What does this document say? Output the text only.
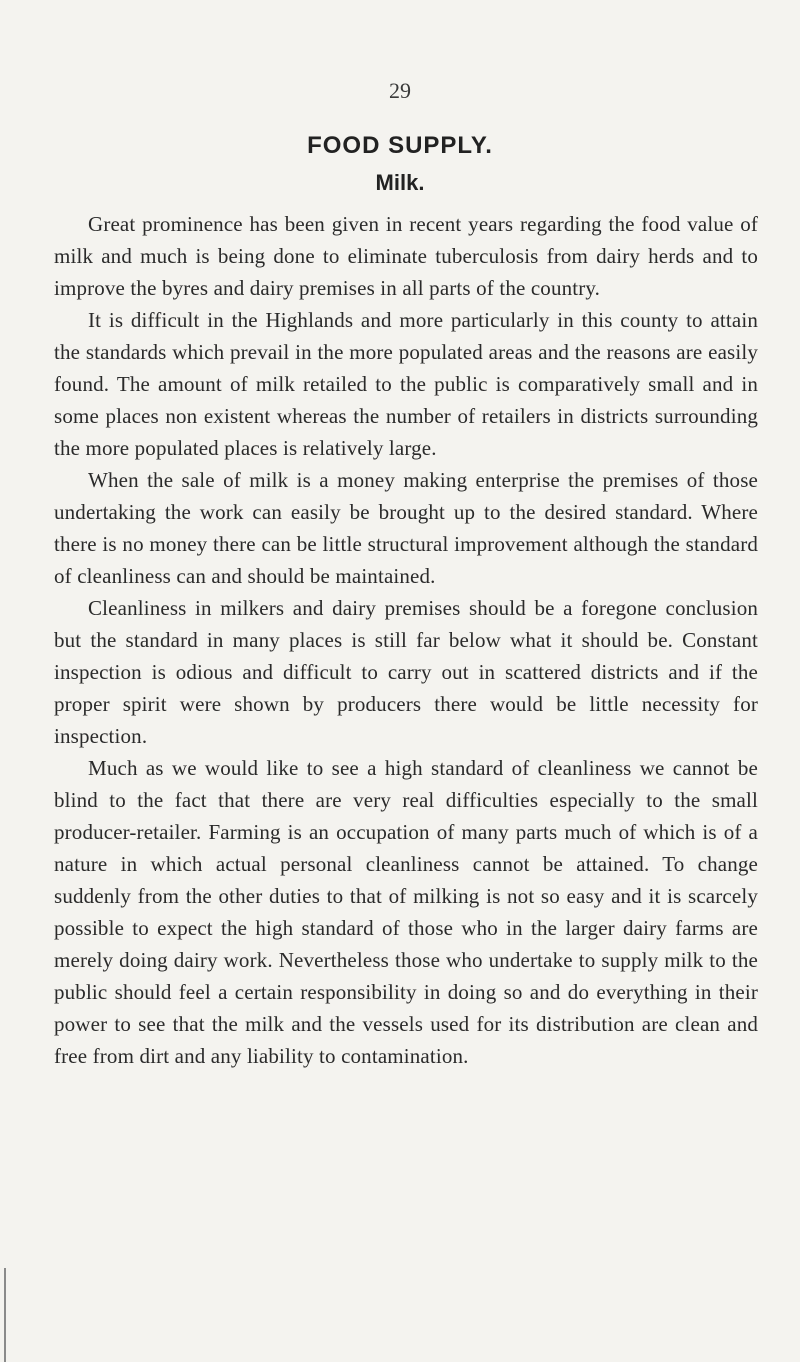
29
FOOD SUPPLY.
Milk.

Great prominence has been given in recent years regarding the food value of milk and much is being done to eliminate tuberculosis from dairy herds and to improve the byres and dairy premises in all parts of the country.

It is difficult in the Highlands and more particularly in this county to attain the standards which prevail in the more populated areas and the reasons are easily found. The amount of milk retailed to the public is comparatively small and in some places non existent whereas the number of retailers in districts surrounding the more populated places is relatively large.

When the sale of milk is a money making enterprise the premises of those undertaking the work can easily be brought up to the desired standard. Where there is no money there can be little structural improvement although the standard of cleanliness can and should be maintained.

Cleanliness in milkers and dairy premises should be a foregone conclusion but the standard in many places is still far below what it should be. Constant inspection is odious and difficult to carry out in scattered districts and if the proper spirit were shown by producers there would be little necessity for inspection.

Much as we would like to see a high standard of cleanliness we cannot be blind to the fact that there are very real difficulties especially to the small producer-retailer. Farming is an occupation of many parts much of which is of a nature in which actual personal cleanliness cannot be attained. To change suddenly from the other duties to that of milking is not so easy and it is scarcely possible to expect the high standard of those who in the larger dairy farms are merely doing dairy work. Nevertheless those who undertake to supply milk to the public should feel a certain responsibility in doing so and do everything in their power to see that the milk and the vessels used for its distribution are clean and free from dirt and any liability to contamination.
